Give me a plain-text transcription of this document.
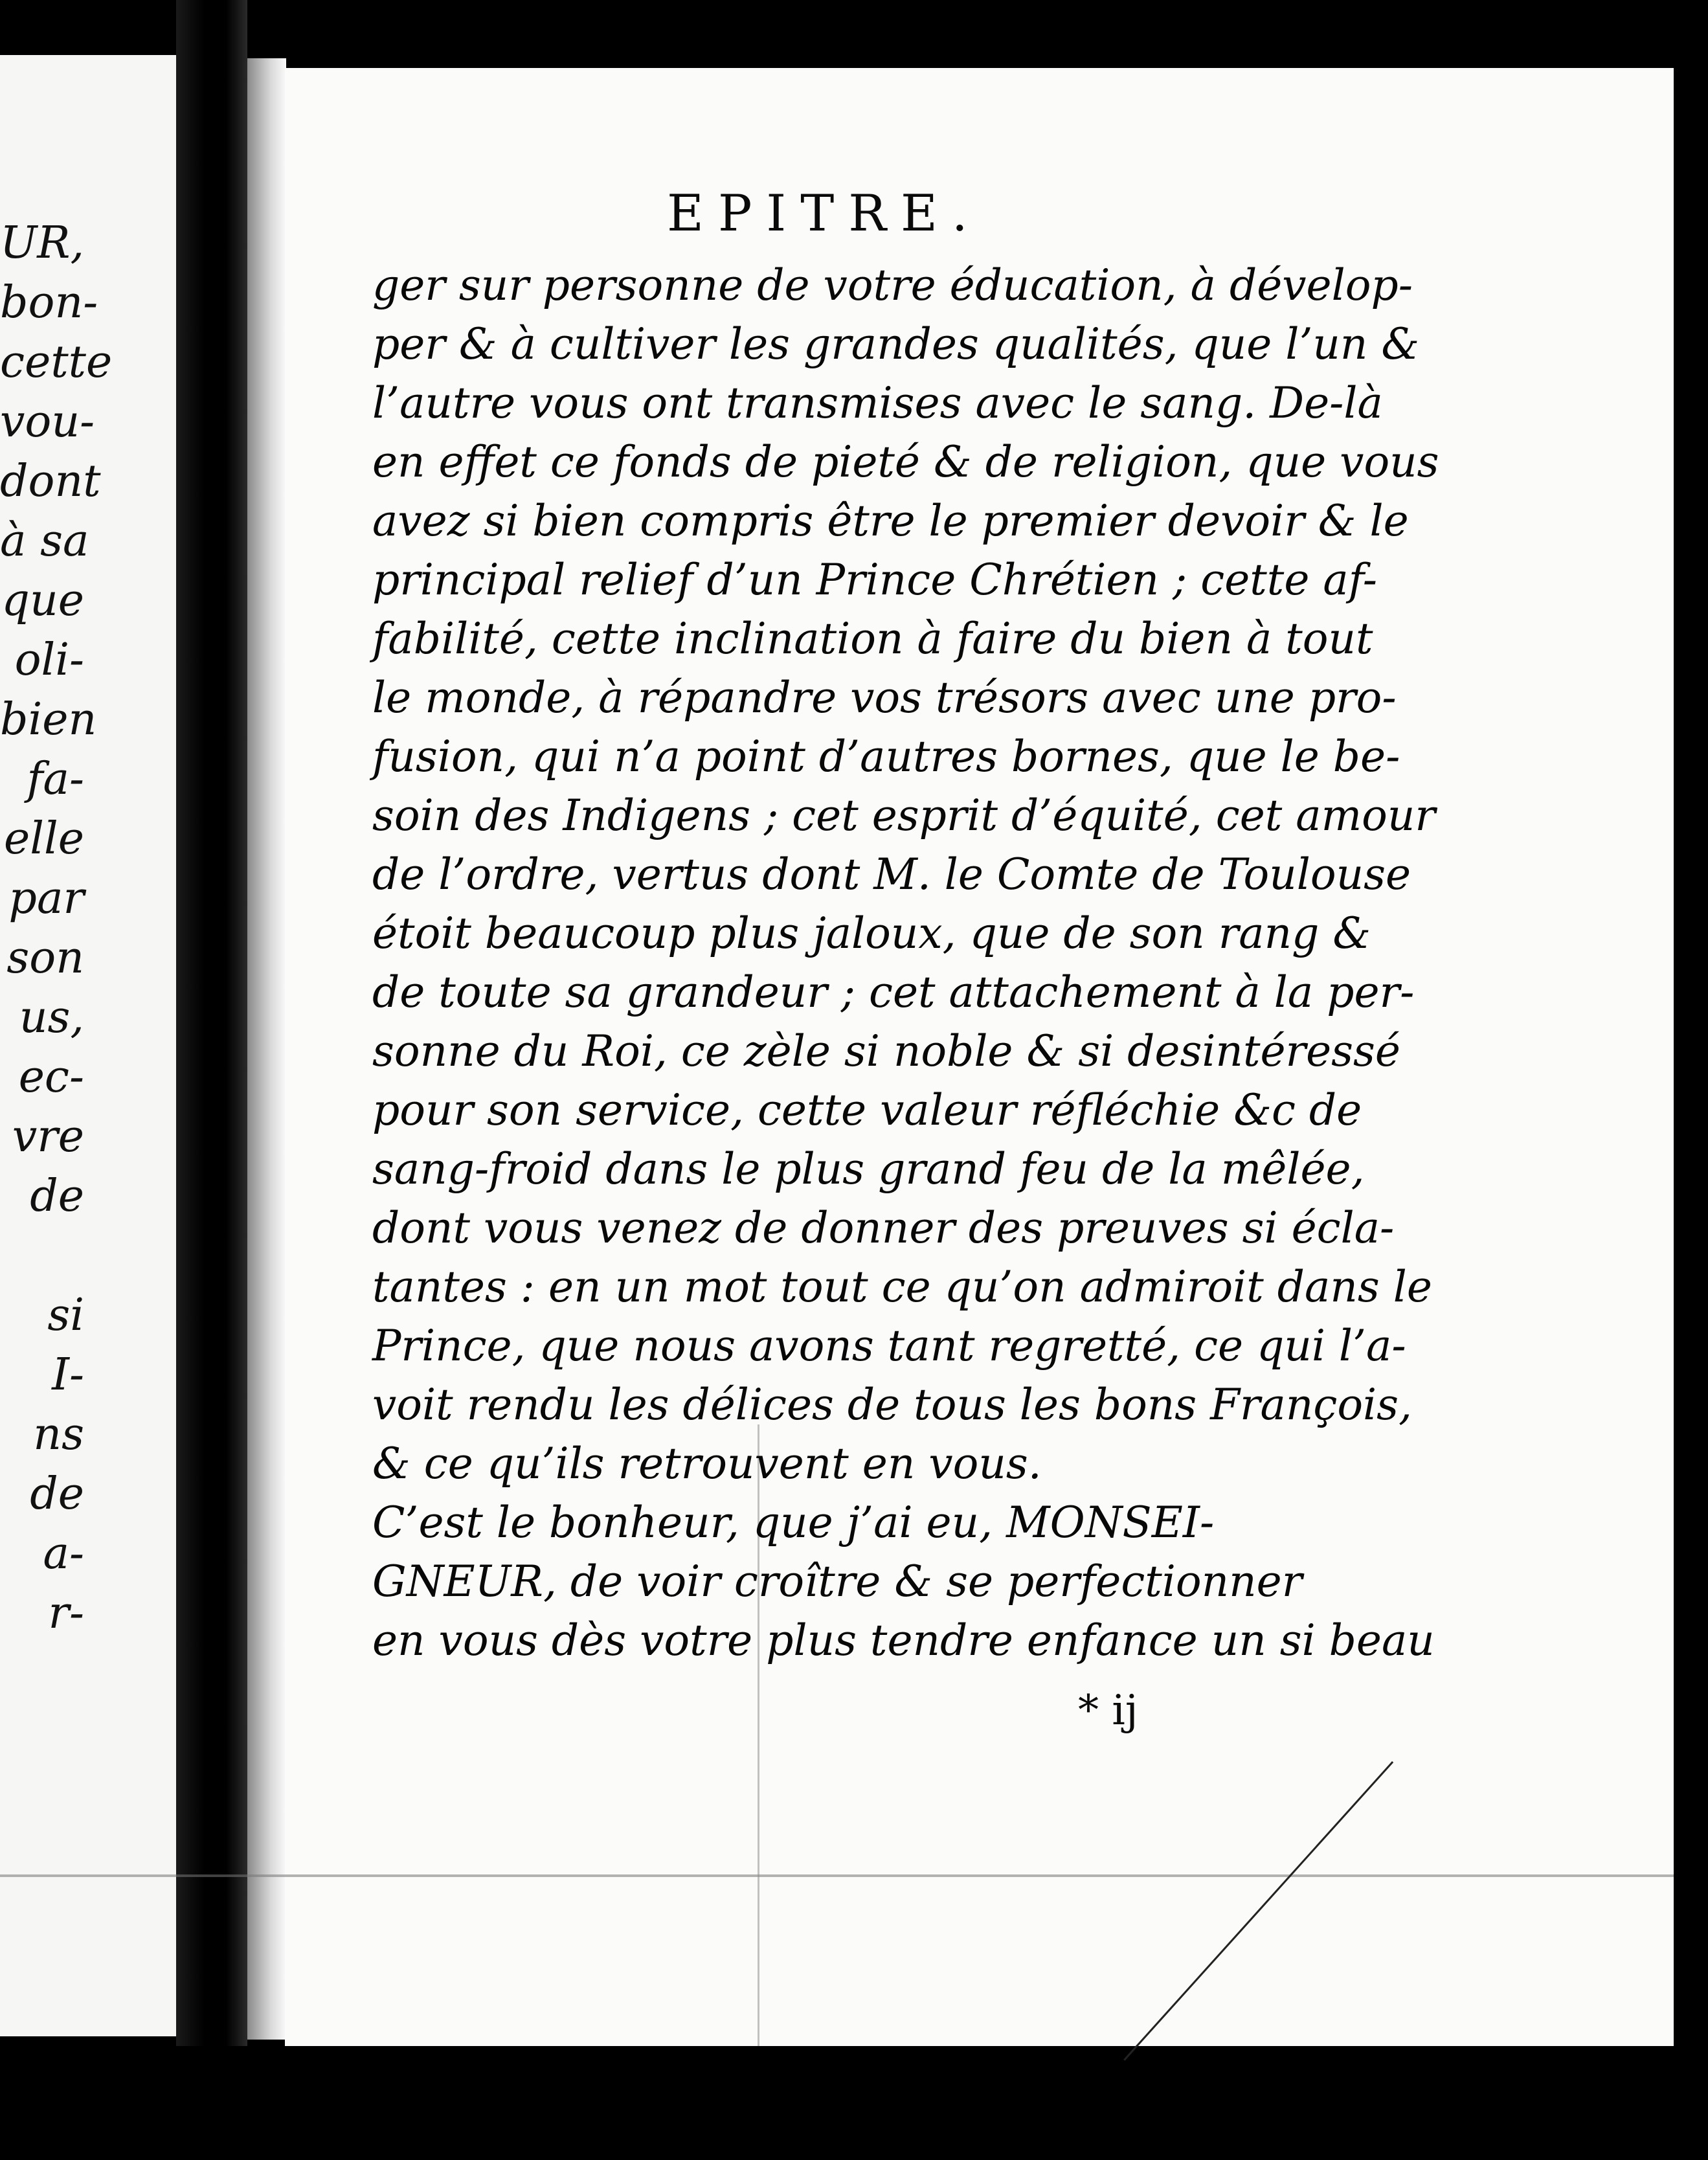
UR,
bon-
cette
vou-
dont
à sa
que
oli-
bien
fa-
elle
par
son
us,
ec-
vre
de
si
I-
ns
de
a-
r-
EPITRE.
ger sur personne de votre éducation, à dévelop-
per & à cultiver les grandes qualités, que l’un &
l’autre vous ont transmises avec le sang. De-là
en effet ce fonds de pieté & de religion, que vous
avez si bien compris être le premier devoir & le
principal relief d’un Prince Chrétien ; cette af-
fabilité, cette inclination à faire du bien à tout
le monde, à répandre vos trésors avec une pro-
fusion, qui n’a point d’autres bornes, que le be-
soin des Indigens ; cet esprit d’équité, cet amour
de l’ordre, vertus dont M. le Comte de Toulouse
étoit beaucoup plus jaloux, que de son rang &
de toute sa grandeur ; cet attachement à la per-
sonne du Roi, ce zèle si noble & si desintéressé
pour son service, cette valeur réfléchie &c de
sang-froid dans le plus grand feu de la mêlée,
dont vous venez de donner des preuves si écla-
tantes : en un mot tout ce qu’on admiroit dans le
Prince, que nous avons tant regretté, ce qui l’a-
voit rendu les délices de tous les bons François,
& ce qu’ils retrouvent en vous.
C’est le bonheur, que j’ai eu, MONSEI-
GNEUR, de voir croître & se perfectionner
en vous dès votre plus tendre enfance un si beau
* ij
